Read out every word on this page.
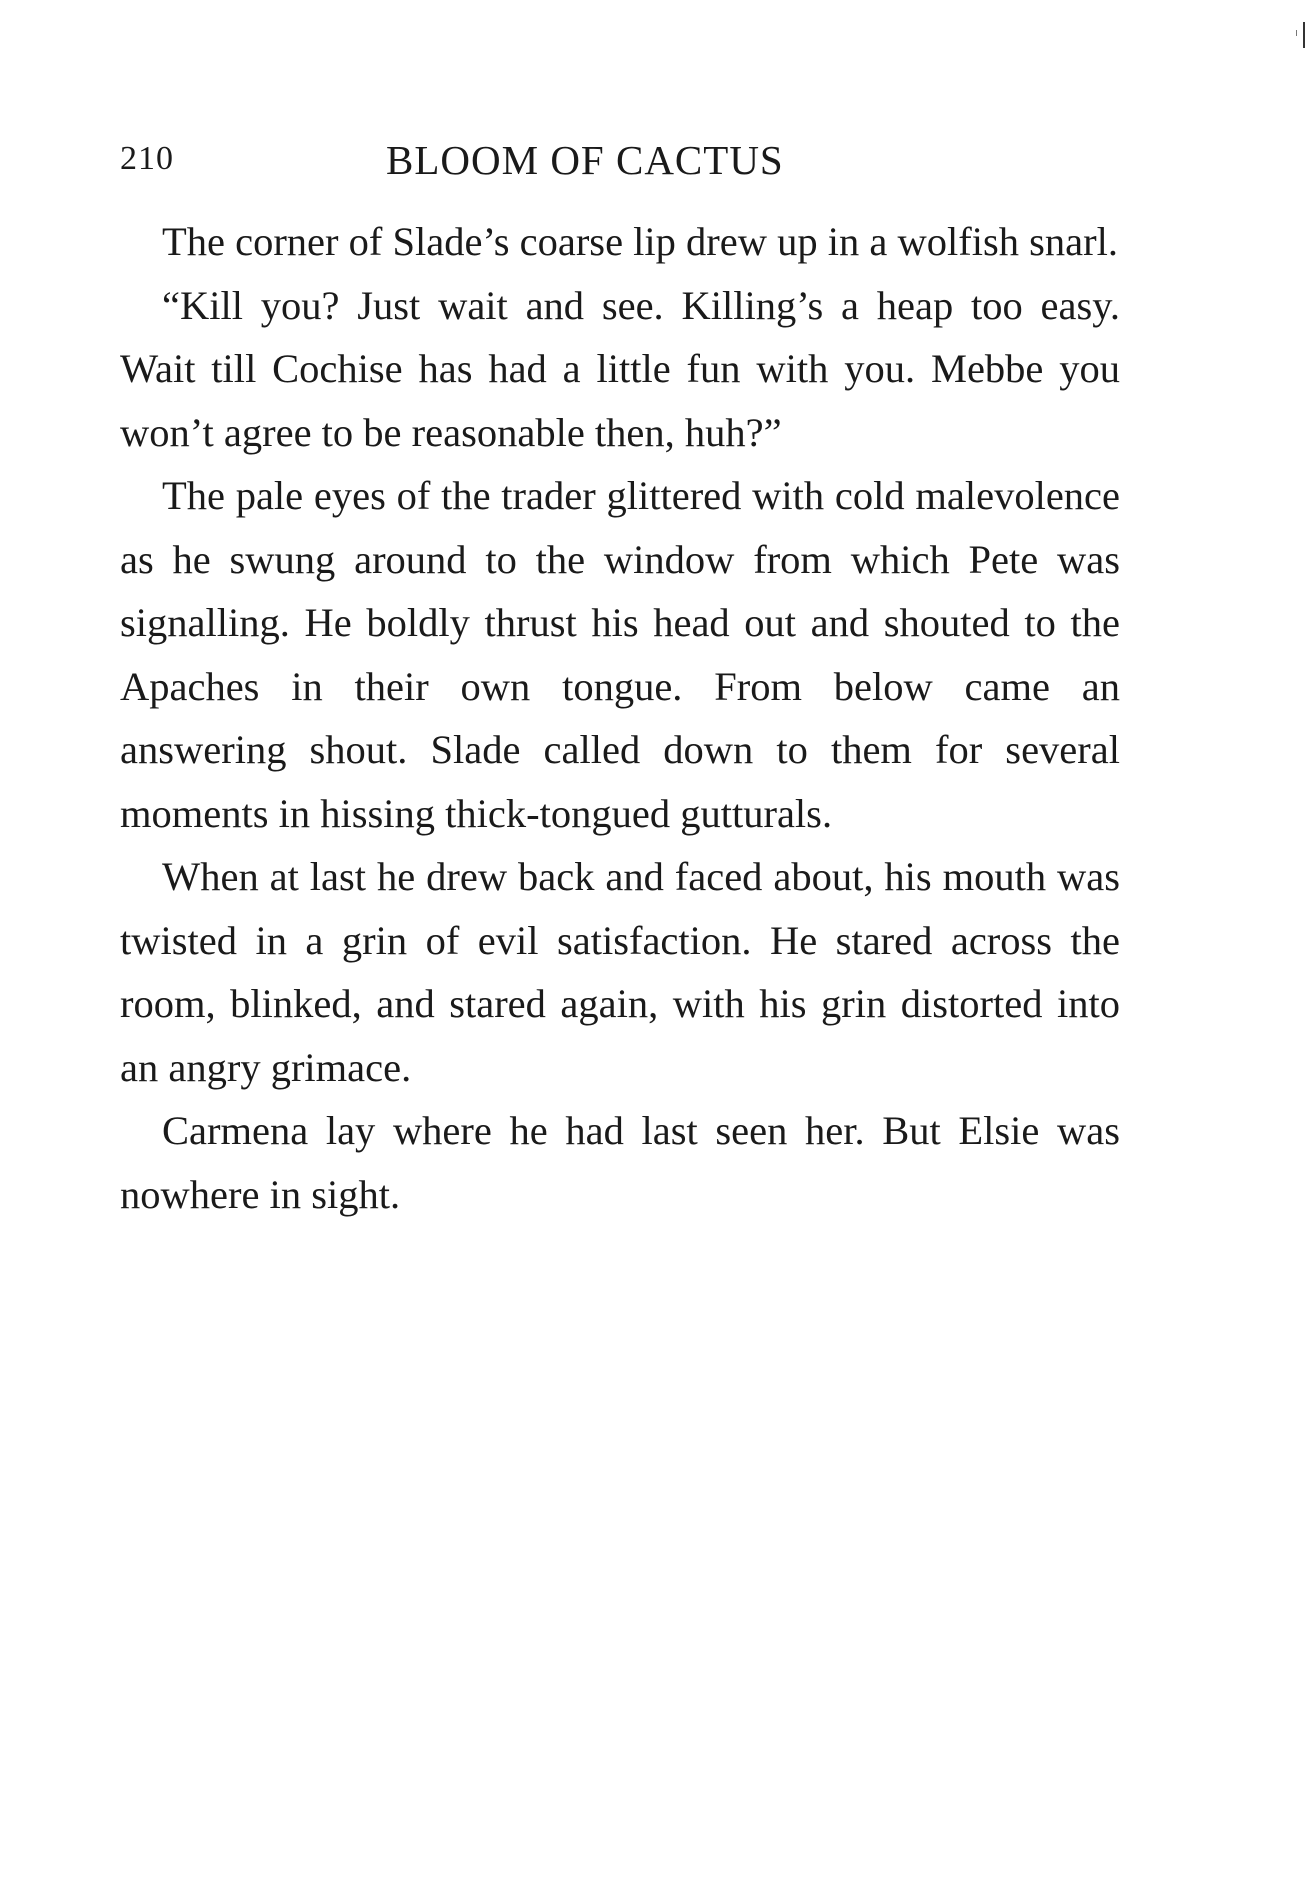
210	BLOOM OF CACTUS

The corner of Slade’s coarse lip drew up in a wolfish snarl.

“Kill you? Just wait and see. Killing’s a heap too easy. Wait till Cochise has had a little fun with you. Mebbe you won’t agree to be reasonable then, huh?”

The pale eyes of the trader glittered with cold malevolence as he swung around to the window from which Pete was signalling. He boldly thrust his head out and shouted to the Apaches in their own tongue. From below came an answering shout. Slade called down to them for several moments in hissing thick-tongued gutturals.

When at last he drew back and faced about, his mouth was twisted in a grin of evil satisfaction. He stared across the room, blinked, and stared again, with his grin distorted into an angry grimace.

Carmena lay where he had last seen her. But Elsie was nowhere in sight.
